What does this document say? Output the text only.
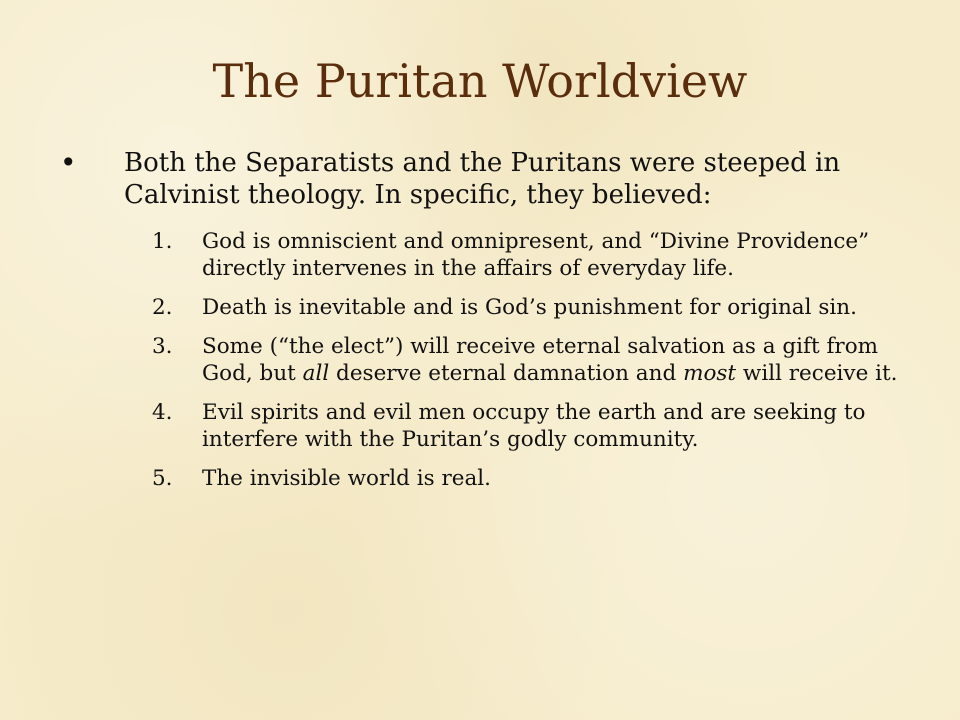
The Puritan Worldview
• Both the Separatists and the Puritans were steeped in Calvinist theology. In specific, they believed:
1.	God is omniscient and omnipresent, and “Divine Providence” directly intervenes in the affairs of everyday life.
2.	Death is inevitable and is God’s punishment for original sin.
3.	Some (“the elect”) will receive eternal salvation as a gift from God, but all deserve eternal damnation and most will receive it.
4.	Evil spirits and evil men occupy the earth and are seeking to interfere with the Puritan’s godly community.
5.	The invisible world is real.
